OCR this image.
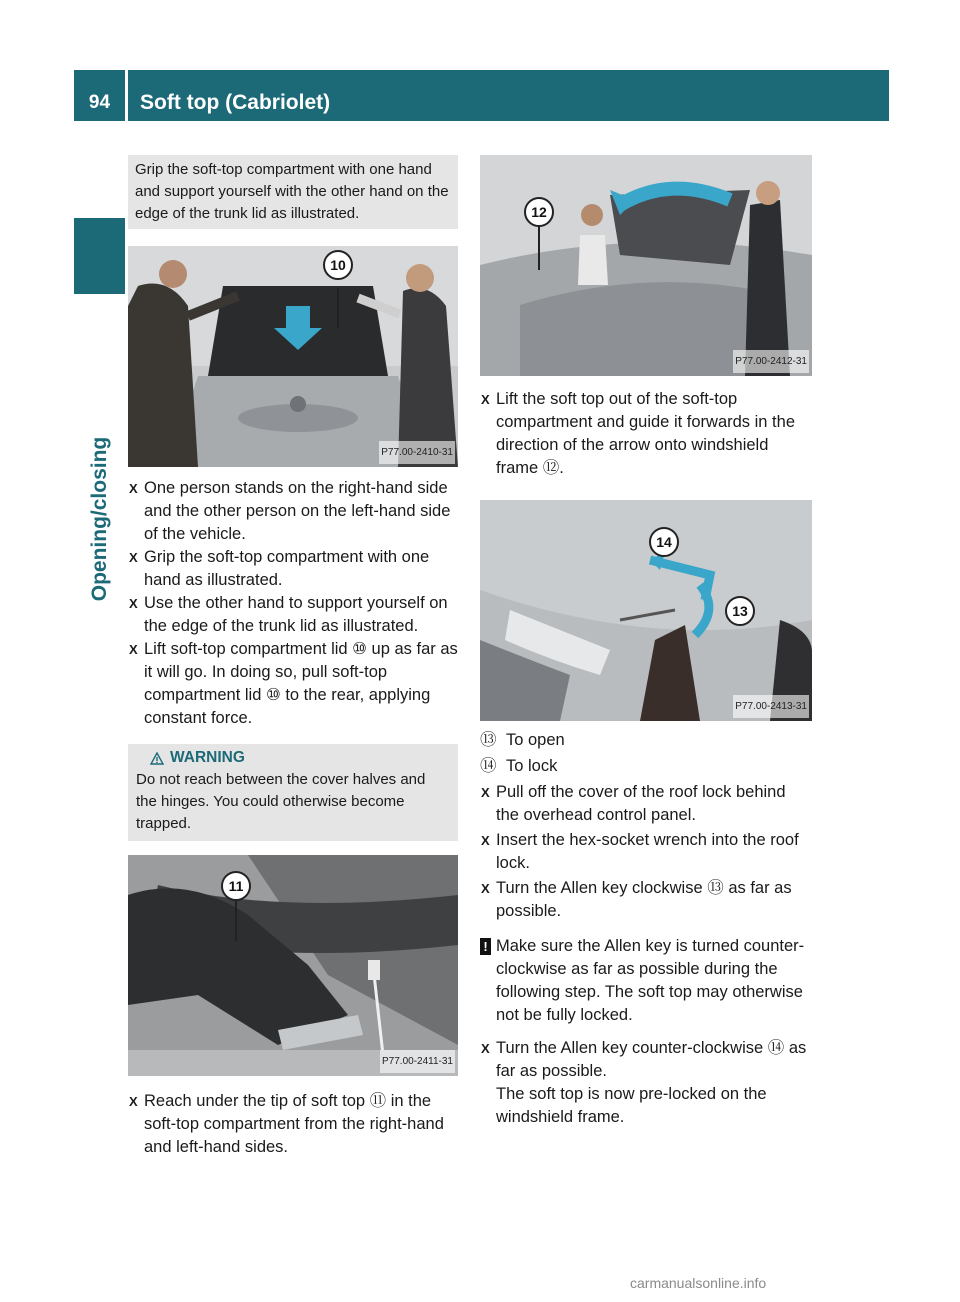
94	Soft top (Cabriolet)
Opening/closing
Grip the soft-top compartment with one hand and support yourself with the other hand on the edge of the trunk lid as illustrated.
10
P77.00-2410-31
X One person stands on the right-hand side and the other person on the left-hand side of the vehicle.
X Grip the soft-top compartment with one hand as illustrated.
X Use the other hand to support yourself on the edge of the trunk lid as illustrated.
X Lift soft-top compartment lid ⑩ up as far as it will go. In doing so, pull soft-top compartment lid ⑩ to the rear, applying constant force.
WARNING
Do not reach between the cover halves and the hinges. You could otherwise become trapped.
11
P77.00-2411-31
X Reach under the tip of soft top ⑪ in the soft-top compartment from the right-hand and left-hand sides.
12
P77.00-2412-31
X Lift the soft top out of the soft-top compartment and guide it forwards in the direction of the arrow onto windshield frame ⑫.
14
13
P77.00-2413-31
⑬ To open
⑭ To lock
X Pull off the cover of the roof lock behind the overhead control panel.
X Insert the hex-socket wrench into the roof lock.
X Turn the Allen key clockwise ⑬ as far as possible.
! Make sure the Allen key is turned counter-clockwise as far as possible during the following step. The soft top may otherwise not be fully locked.
X Turn the Allen key counter-clockwise ⑭ as far as possible.
The soft top is now pre-locked on the windshield frame.
carmanualsonline.info
